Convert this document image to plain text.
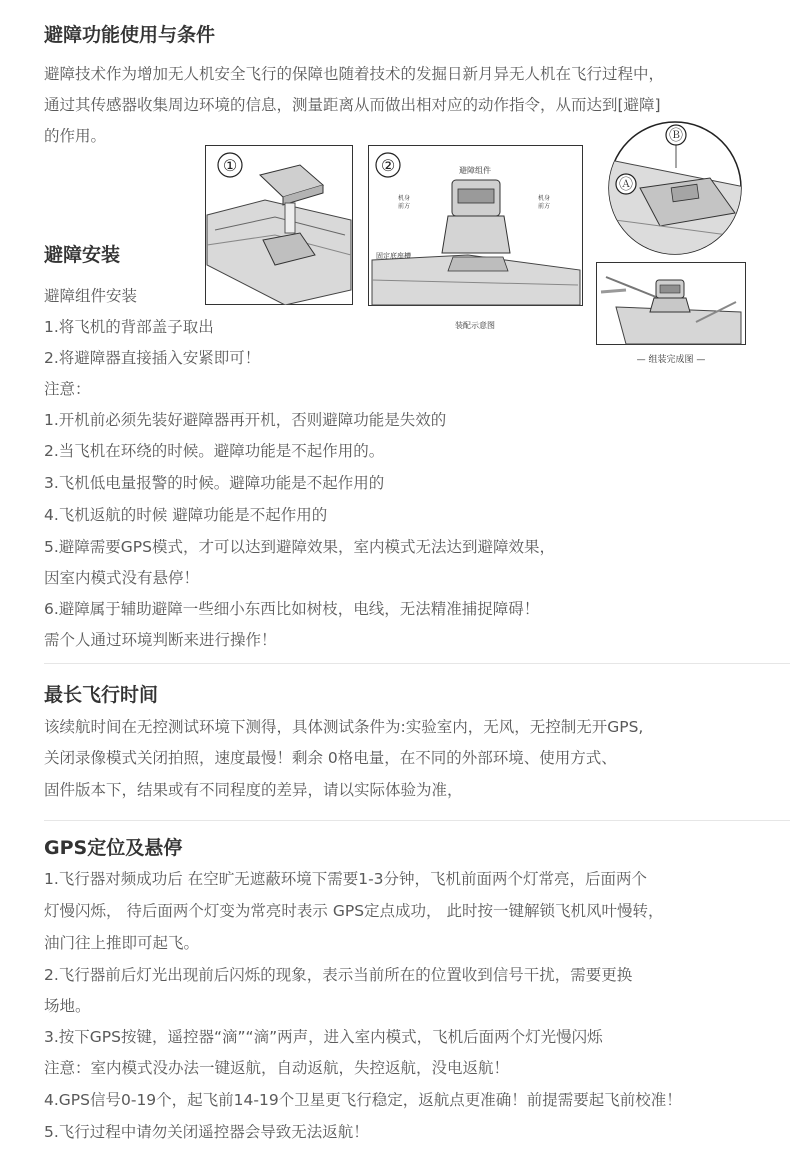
避障功能使用与条件

避障技术作为增加无人机安全飞行的保障也随着技术的发掘日新月异无人机在飞行过程中，

通过其传感器收集周边环境的信息，测量距离从而做出相对应的动作指令，从而达到[避障]

的作用。

①	②	避障组件
机身
前方
机身
前方
固定底座槽
装配示意图
Ⓑ
Ⓐ
— 组装完成图 —
避障安装

避障组件安装

1.将飞机的背部盖子取出

2.将避障器直接插入安紧即可！

注意：

1.开机前必须先装好避障器再开机，否则避障功能是失效的

2.当飞机在环绕的时候。避障功能是不起作用的。

3.飞机低电量报警的时候。避障功能是不起作用的

4.飞机返航的时候 避障功能是不起作用的

5.避障需要GPS模式，才可以达到避障效果，室内模式无法达到避障效果，

因室内模式没有悬停！

6.避障属于辅助避障一些细小东西比如树枝，电线，无法精准捕捉障碍！

需个人通过环境判断来进行操作！

最长飞行时间

该续航时间在无控测试环境下测得，具体测试条件为:实验室内，无风，无控制无开GPS,

关闭录像模式关闭拍照，速度最慢！剩余 0格电量，在不同的外部环境、使用方式、

固件版本下，结果或有不同程度的差异，请以实际体验为准，

GPS定位及悬停

1.飞行器对频成功后 在空旷无遮蔽环境下需要1-3分钟，飞机前面两个灯常亮，后面两个

灯慢闪烁， 待后面两个灯变为常亮时表示 GPS定点成功， 此时按一键解锁飞机风叶慢转，

油门往上推即可起飞。

2.飞行器前后灯光出现前后闪烁的现象，表示当前所在的位置收到信号干扰，需要更换

场地。

3.按下GPS按键，遥控器“滴”“滴”两声，进入室内模式，飞机后面两个灯光慢闪烁

注意：室内模式没办法一键返航，自动返航，失控返航，没电返航！

4.GPS信号0-19个，起飞前14-19个卫星更飞行稳定，返航点更准确！前提需要起飞前校准！

5.飞行过程中请勿关闭遥控器会导致无法返航！
